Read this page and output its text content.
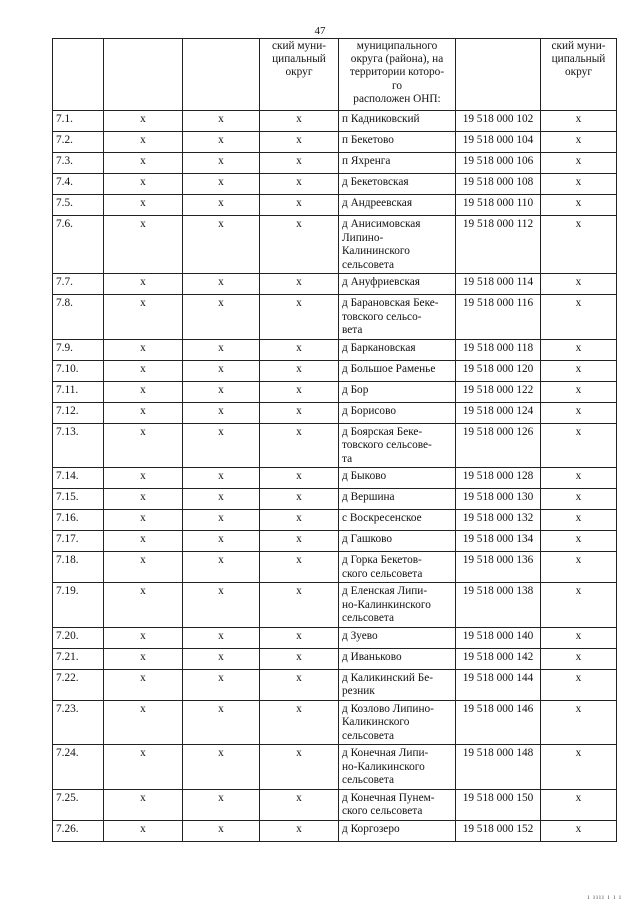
47
			ский муни-
ципальный
округ	муниципального
округа (района), на
территории которо-
го
расположен ОНП:		ский муни-
ципальный
округ
7.1.	x	x	x	п Кадниковский	19 518 000 102	x
7.2.	x	x	x	п Бекетово	19 518 000 104	x
7.3.	x	x	x	п Яхренга	19 518 000 106	x
7.4.	x	x	x	д Бекетовская	19 518 000 108	x
7.5.	x	x	x	д Андреевская	19 518 000 110	x
7.6.	x	x	x	д Анисимовская
Липино-
Калининского
сельсовета	19 518 000 112	x
7.7.	x	x	x	д Ануфриевская	19 518 000 114	x
7.8.	x	x	x	д Барановская Беке-
товского сельсо-
вета	19 518 000 116	x
7.9.	x	x	x	д Баркановская	19 518 000 118	x
7.10.	x	x	x	д Большое Раменье	19 518 000 120	x
7.11.	x	x	x	д Бор	19 518 000 122	x
7.12.	x	x	x	д Борисово	19 518 000 124	x
7.13.	x	x	x	д Боярская Беке-
товского сельсове-
та	19 518 000 126	x
7.14.	x	x	x	д Быково	19 518 000 128	x
7.15.	x	x	x	д Вершина	19 518 000 130	x
7.16.	x	x	x	с Воскресенское	19 518 000 132	x
7.17.	x	x	x	д Гашково	19 518 000 134	x
7.18.	x	x	x	д Горка Бекетов-
ского сельсовета	19 518 000 136	x
7.19.	x	x	x	д Еленская Липи-
но-Калинкинского
сельсовета	19 518 000 138	x
7.20.	x	x	x	д Зуево	19 518 000 140	x
7.21.	x	x	x	д Иваньково	19 518 000 142	x
7.22.	x	x	x	д Каликинский Бе-
резник	19 518 000 144	x
7.23.	x	x	x	д Козлово Липино-
Каликинского
сельсовета	19 518 000 146	x
7.24.	x	x	x	д Конечная Липи-
но-Каликинского
сельсовета	19 518 000 148	x
7.25.	x	x	x	д Конечная Пунем-
ского сельсовета	19 518 000 150	x
7.26.	x	x	x	д Коргозеро	19 518 000 152	x
ı ıııı ı ı ı
